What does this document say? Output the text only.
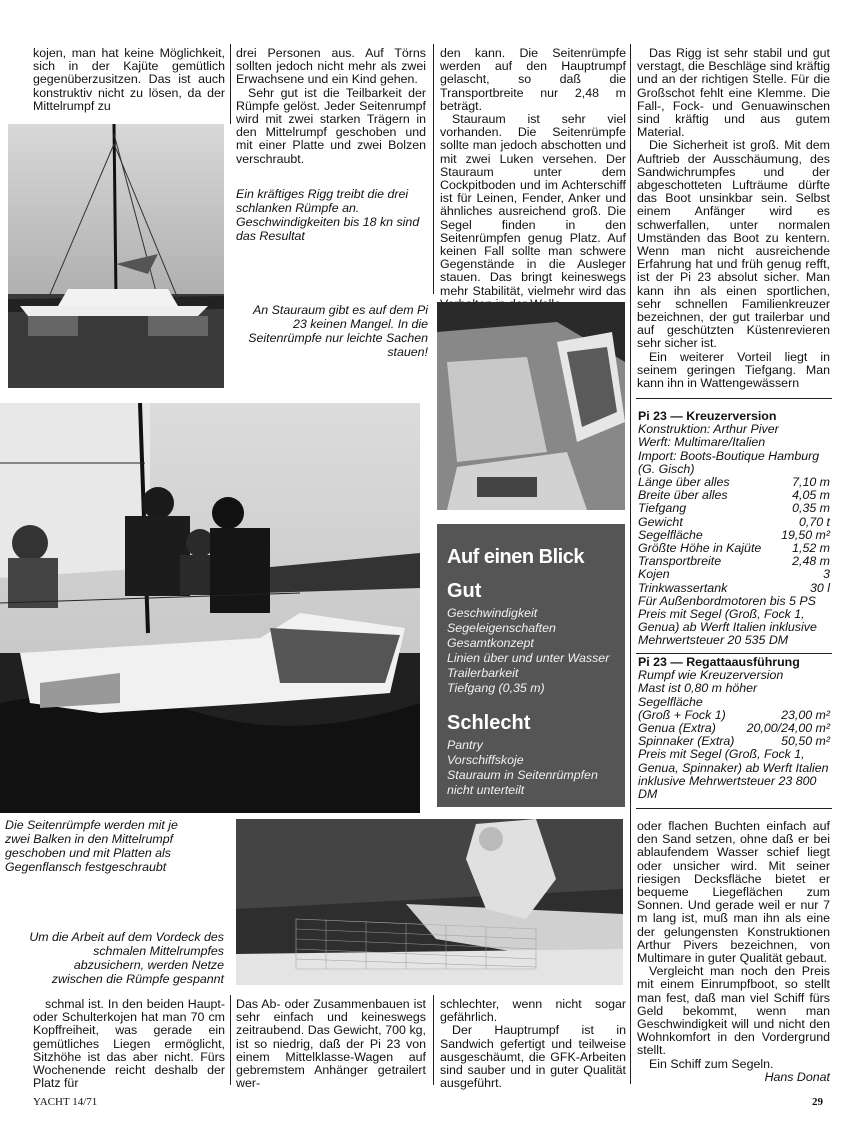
kojen, man hat keine Möglichkeit, sich in der Kajüte gemütlich gegenüberzusitzen. Das ist auch konstruktiv nicht zu lösen, da der Mittelrumpf zu

drei Personen aus. Auf Törns sollten jedoch nicht mehr als zwei Erwachsene und ein Kind gehen.

Sehr gut ist die Teilbarkeit der Rümpfe gelöst. Jeder Seitenrumpf wird mit zwei starken Trägern in den Mittelrumpf geschoben und mit einer Platte und zwei Bolzen verschraubt.

Ein kräftiges Rigg treibt die drei schlanken Rümpfe an. Geschwindigkeiten bis 18 kn sind das Resultat

den kann. Die Seitenrümpfe werden auf den Hauptrumpf gelascht, so daß die Transportbreite nur 2,48 m beträgt.

Stauraum ist sehr viel vorhanden. Die Seitenrümpfe sollte man jedoch abschotten und mit zwei Luken versehen. Der Stauraum unter dem Cockpitboden und im Achterschiff ist für Leinen, Fender, Anker und ähnliches ausreichend groß. Die Segel finden in den Seitenrümpfen genug Platz. Auf keinen Fall sollte man schwere Gegenstände in die Ausleger stauen. Das bringt keineswegs mehr Stabilität, vielmehr wird das

Das Rigg ist sehr stabil und gut verstagt, die Beschläge sind kräftig und an der richtigen Stelle. Für die Großschot fehlt eine Klemme. Die Fall-, Fock- und Genuawinschen sind kräftig und aus gutem Material.

Die Sicherheit ist groß. Mit dem Auftrieb der Ausschäumung, des Sandwichrumpfes und der abgeschotteten Lufträume dürfte das Boot unsinkbar sein. Selbst einem Anfänger wird es schwerfallen, unter normalen Umständen das Boot zu kentern. Wenn man nicht ausreichende Erfahrung hat und früh genug refft, ist der Pi 23 absolut sicher. Man kann ihn als einen sportlichen, sehr schnellen Familienkreuzer bezeichnen, der gut trailerbar und auf geschützten Küstenrevieren sehr sicher ist.

Ein weiterer Vorteil liegt in seinem geringen Tiefgang. Man kann ihn in Wattengewässern

An Stauraum gibt es auf dem Pi 23 keinen Mangel. In die Seitenrümpfe nur leichte Sachen stauen!
Auf einen Blick
Gut
Geschwindigkeit
Segeleigenschaften
Gesamtkonzept
Linien über und unter Wasser
Trailerbarkeit
Tiefgang (0,35 m)
Schlecht
Pantry
Vorschiffskoje
Stauraum in Seitenrümpfen nicht unterteilt
Pi 23 — Kreuzerversion
Konstruktion: Arthur Piver
Werft: Multimare/Italien
Import: Boots-Boutique Hamburg (G. Gisch)
Länge über alles	7,10 m
Breite über alles	4,05 m
Tiefgang	0,35 m
Gewicht	0,70 t
Segelfläche	19,50 m²
Größte Höhe in Kajüte 1,52 m
Transportbreite	2,48 m
Kojen	3
Trinkwassertank	30 l
Für Außenbordmotoren bis 5 PS
Preis mit Segel (Groß, Fock 1, Genua) ab Werft Italien inklusive Mehrwertsteuer 20 535 DM
Pi 23 — Regattaausführung
Rumpf wie Kreuzerversion
Mast ist 0,80 m höher
Segelfläche
(Groß + Fock 1)	23,00 m²
Genua (Extra) 20,00/24,00 m²
Spinnaker (Extra)	50,50 m²
Preis mit Segel (Groß, Fock 1, Genua, Spinnaker) ab Werft Italien inklusive Mehrwertsteuer 23 800 DM
Die Seitenrümpfe werden mit je zwei Balken in den Mittelrumpf geschoben und mit Platten als Gegenflansch festgeschraubt
Um die Arbeit auf dem Vordeck des schmalen Mittelrumpfes abzusichern, werden Netze zwischen die Rümpfe gespannt

oder flachen Buchten einfach auf den Sand setzen, ohne daß er bei ablaufendem Wasser schief liegt oder unsicher wird. Mit seiner riesigen Decksfläche bietet er bequeme Liegeflächen zum Sonnen. Und gerade weil er nur 7 m lang ist, muß man ihn als eine der gelungensten Konstruktionen Arthur Pivers bezeichnen, von Multimare in guter Qualität gebaut.

Vergleicht man noch den Preis mit einem Einrumpfboot, so stellt man fest, daß man viel Schiff fürs Geld bekommt, wenn man Geschwindigkeit will und nicht den Wohnkomfort in den Vordergrund stellt.

Ein Schiff zum Segeln.

Hans Donat

schmal ist. In den beiden Haupt- oder Schulterkojen hat man 70 cm Kopffreiheit, was gerade ein gemütliches Liegen ermöglicht, Sitzhöhe ist das aber nicht. Fürs Wochenende reicht deshalb der Platz für

Das Ab- oder Zusammenbauen ist sehr einfach und keineswegs zeitraubend. Das Gewicht, 700 kg, ist so niedrig, daß der Pi 23 von einem Mittelklasse-Wagen auf gebremstem Anhänger getrailert wer-

schlechter, wenn nicht sogar gefährlich.

Der Hauptrumpf ist in Sandwich gefertigt und teilweise ausgeschäumt, die GFK-Arbeiten sind sauber und in guter Qualität ausgeführt.

YACHT 14/71	29
